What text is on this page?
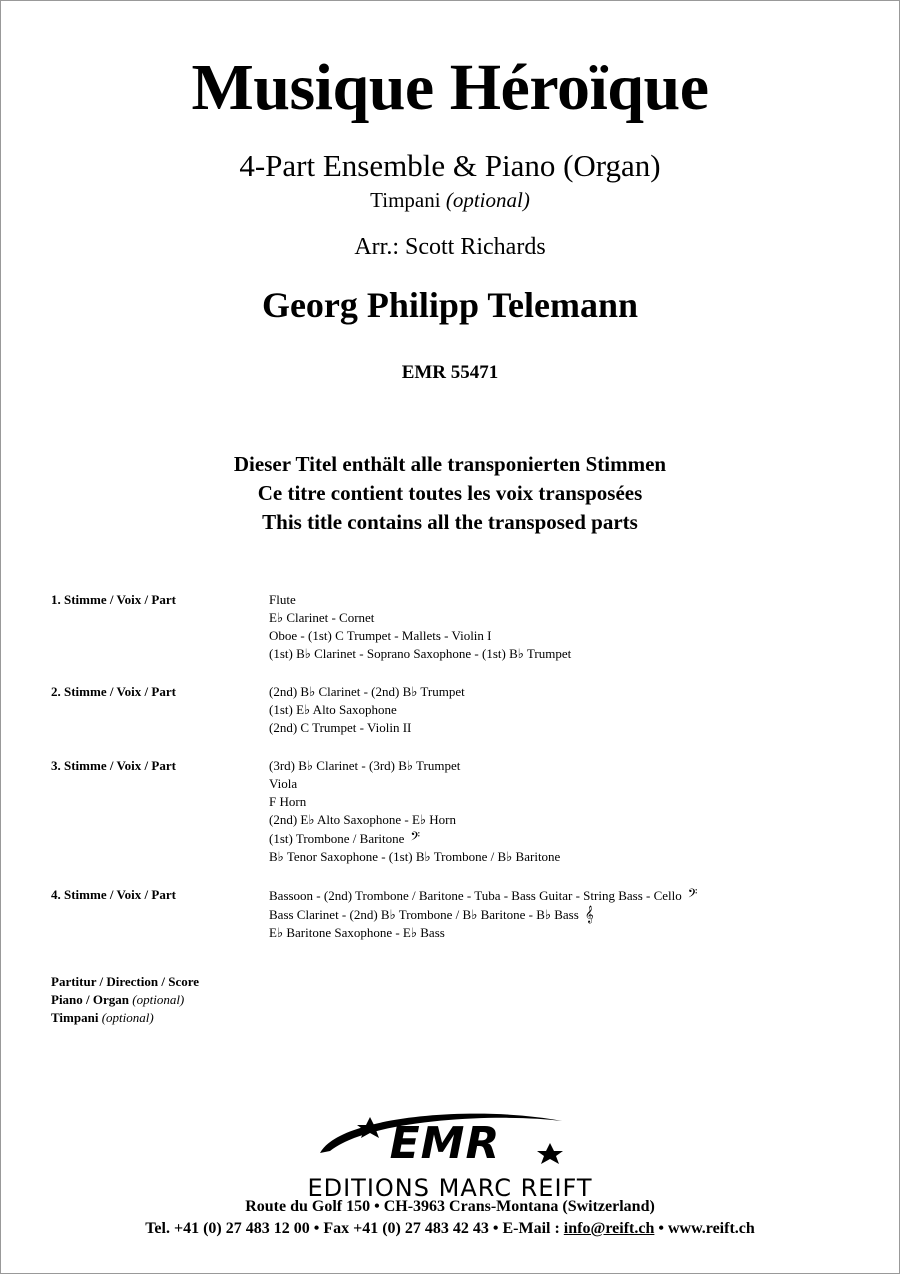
Musique Héroïque
4-Part Ensemble & Piano (Organ)
Timpani (optional)
Arr.: Scott Richards
Georg Philipp Telemann
EMR 55471
Dieser Titel enthält alle transponierten Stimmen
Ce titre contient toutes les voix transposées
This title contains all the transposed parts
1. Stimme / Voix / Part	Flute
E♭ Clarinet - Cornet
Oboe - (1st) C Trumpet - Mallets - Violin I
(1st) B♭ Clarinet - Soprano Saxophone - (1st) B♭ Trumpet
2. Stimme / Voix / Part	(2nd) B♭ Clarinet - (2nd) B♭ Trumpet
(1st) E♭ Alto Saxophone
(2nd) C Trumpet - Violin II
3. Stimme / Voix / Part	(3rd) B♭ Clarinet - (3rd) B♭ Trumpet
Viola
F Horn
(2nd) E♭ Alto Saxophone - E♭ Horn
(1st) Trombone / Baritone 𝄢
B♭ Tenor Saxophone - (1st) B♭ Trombone / B♭ Baritone
4. Stimme / Voix / Part	Bassoon - (2nd) Trombone / Baritone - Tuba - Bass Guitar - String Bass - Cello 𝄢
Bass Clarinet - (2nd) B♭ Trombone / B♭ Baritone - B♭ Bass 𝄞
E♭ Baritone Saxophone - E♭ Bass
Partitur / Direction / Score
Piano / Organ (optional)
Timpani (optional)
EMR
EDITIONS MARC REIFT
Route du Golf 150 • CH-3963 Crans-Montana (Switzerland)
Tel. +41 (0) 27 483 12 00 • Fax +41 (0) 27 483 42 43 • E-Mail : info@reift.ch • www.reift.ch
